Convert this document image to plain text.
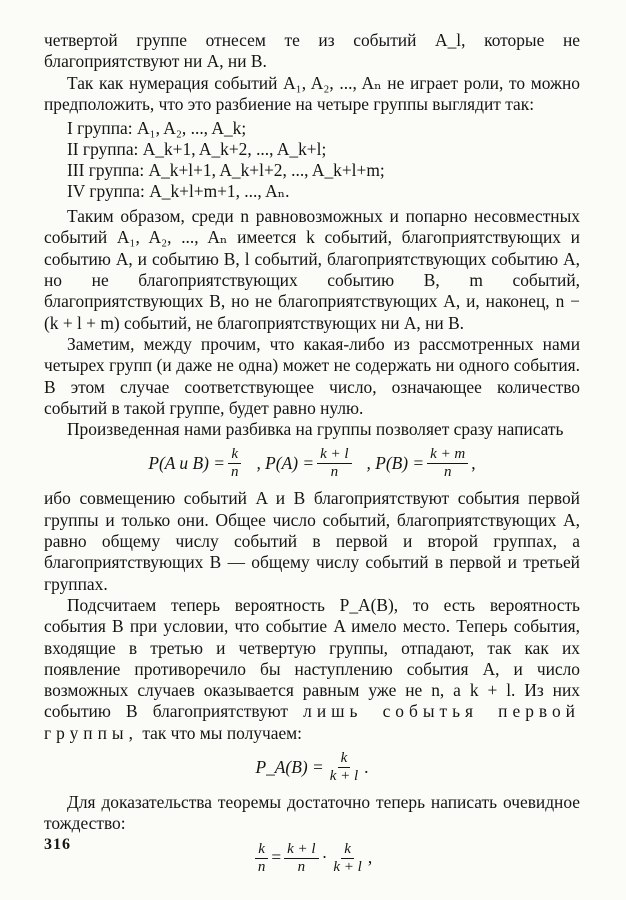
четвертой группе отнесем те из событий A_l, которые не благоприятствуют ни A, ни B.

Так как нумерация событий A₁, A₂, ..., Aₙ не играет роли, то можно предположить, что это разбиение на четыре группы выглядит так:

I группа: A₁, A₂, ..., A_k;
II группа: A_k+1, A_k+2, ..., A_k+l;
III группа: A_k+l+1, A_k+l+2, ..., A_k+l+m;
IV группа: A_k+l+m+1, ..., Aₙ.

Таким образом, среди n равновозможных и попарно несовместных событий A₁, A₂, ..., Aₙ имеется k событий, благоприятствующих и событию A, и событию B, l событий, благоприятствующих событию A, но не благоприятствующих событию B, m событий, благоприятствующих B, но не благоприятствующих A, и, наконец, n − (k + l + m) событий, не благоприятствующих ни A, ни B.

Заметим, между прочим, что какая-либо из рассмотренных нами четырех групп (и даже не одна) может не содержать ни одного события. В этом случае соответствующее число, означающее количество событий в такой группе, будет равно нулю.

Произведенная нами разбивка на группы позволяет сразу написать

P(A и $B) = \frac{k}{n}$ , $P(A) = \frac{k + l}{n}$ , $P(B) = \frac{k + m}{n}$ ,

ибо совмещению событий A и B благоприятствуют события первой группы и только они. Общее число событий, благоприятствующих A, равно общему числу событий в первой и второй группах, а благоприятствующих B — общему числу событий в первой и третьей группах.

Подсчитаем теперь вероятность P_A(B), то есть вероятность события B при условии, что событие A имело место. Теперь события, входящие в третью и четвертую группы, отпадают, так как их появление противоречило бы наступлению события A, и число возможных случаев оказывается равным уже не n, а k + l. Из них событию B благоприятствуют лишь событья первой группы, так что мы получаем:

P_A(B) = $\frac{k}{k + l}$ .

Для доказательства теоремы достаточно теперь написать очевидное тождество:

$\frac{k}{n} = \frac{k + l}{n} \cdot \frac{k}{k + l}$ ,
316
